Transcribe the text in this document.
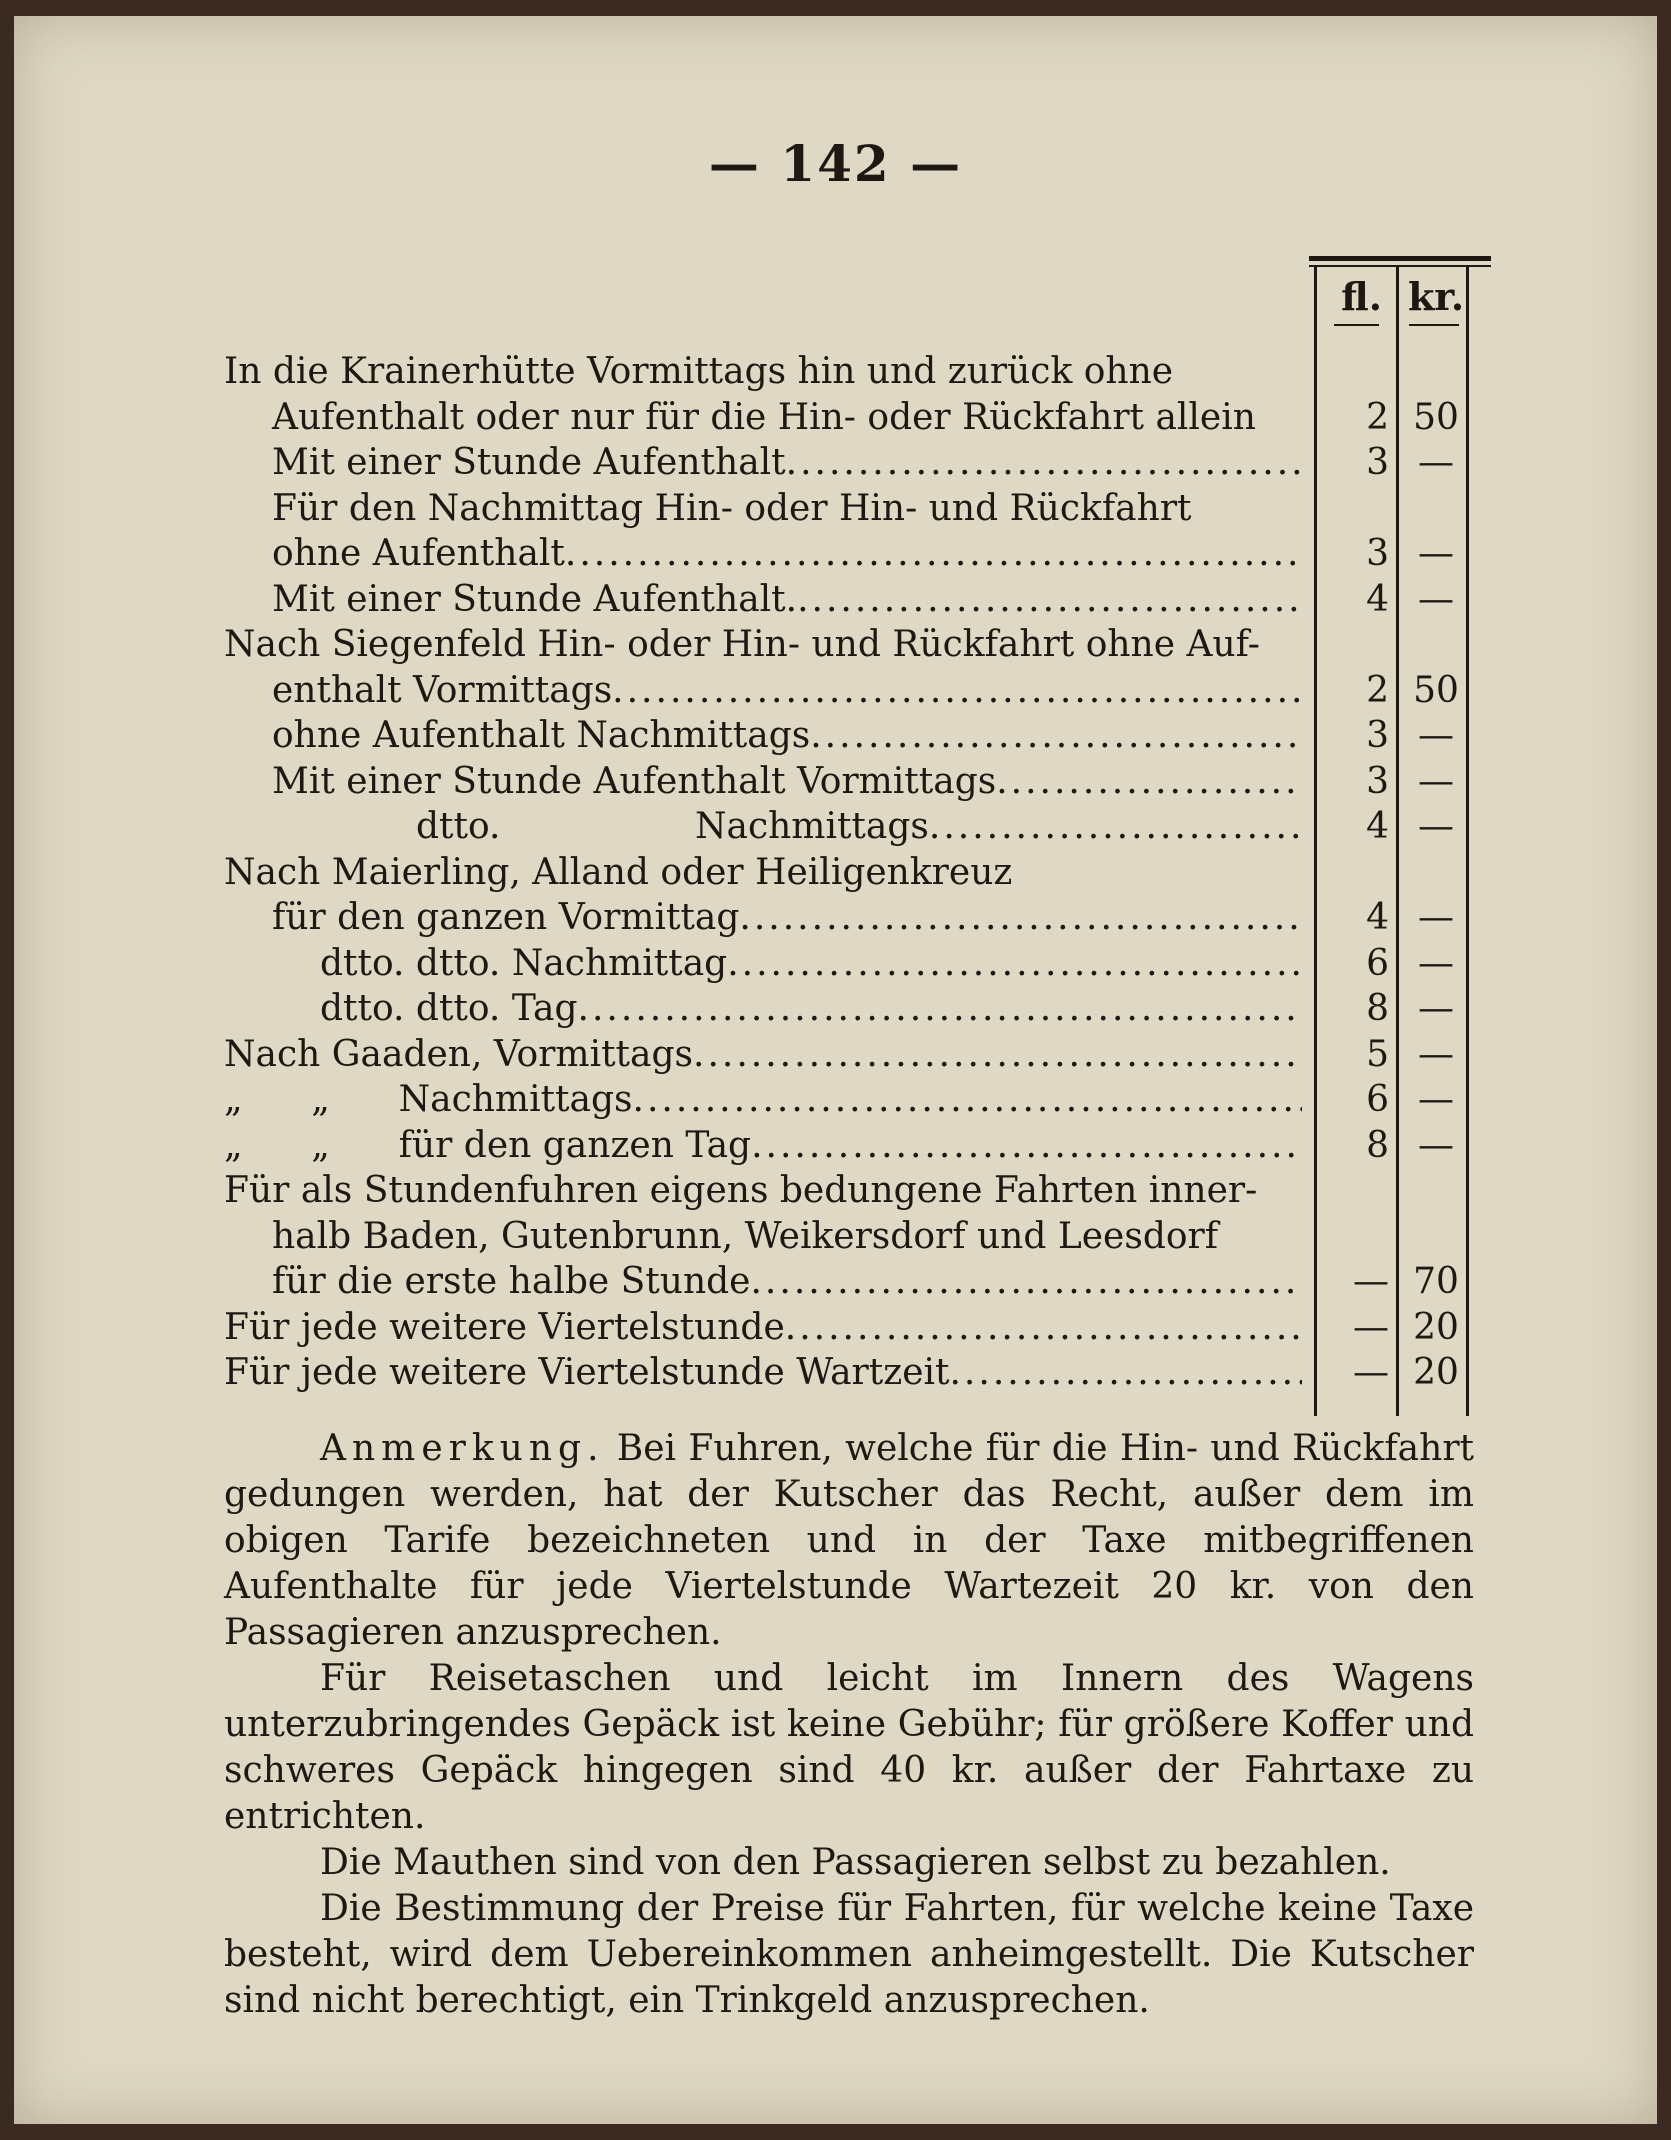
— 142 —
fl. kr.
In die Krainerhütte Vormittags hin und zurück ohne
Aufenthalt oder nur für die Hin- oder Rückfahrt allein	2 50
Mit einer Stunde Aufenthalt .....	3 —
Für den Nachmittag Hin- oder Hin- und Rückfahrt
ohne Aufenthalt .....	3 —
Mit einer Stunde Aufenthalt. .....	4 —
Nach Siegenfeld Hin- oder Hin- und Rückfahrt ohne Auf-
enthalt Vormittags .....	2 50
ohne Aufenthalt Nachmittags .....	3 —
Mit einer Stunde Aufenthalt Vormittags .....	3 —
dtto.                 Nachmittags .....	4 —
Nach Maierling, Alland oder Heiligenkreuz
für den ganzen Vormittag .....	4 —
dtto. dtto. Nachmittag .....	6 —
dtto. dtto. Tag .....	8 —
Nach Gaaden, Vormittags .....	5 —
„      „      Nachmittags .....	6 —
„      „      für den ganzen Tag .....	8 —
Für als Stundenfuhren eigens bedungene Fahrten inner-
halb Baden, Gutenbrunn, Weikersdorf und Leesdorf
für die erste halbe Stunde .....	— 70
Für jede weitere Viertelstunde .....	— 20
Für jede weitere Viertelstunde Wartzeit .....	— 20

Anmerkung. Bei Fuhren, welche für die Hin- und Rückfahrt gedungen werden, hat der Kutscher das Recht, außer dem im obigen Tarife bezeichneten und in der Taxe mitbegriffenen Aufenthalte für jede Viertelstunde Wartezeit 20 kr. von den Passagieren anzusprechen.

Für Reisetaschen und leicht im Innern des Wagens unterzubringendes Gepäck ist keine Gebühr; für größere Koffer und schweres Gepäck hingegen sind 40 kr. außer der Fahrtaxe zu entrichten.

Die Mauthen sind von den Passagieren selbst zu bezahlen.

Die Bestimmung der Preise für Fahrten, für welche keine Taxe besteht, wird dem Uebereinkommen anheimgestellt. Die Kutscher sind nicht berechtigt, ein Trinkgeld anzusprechen.
